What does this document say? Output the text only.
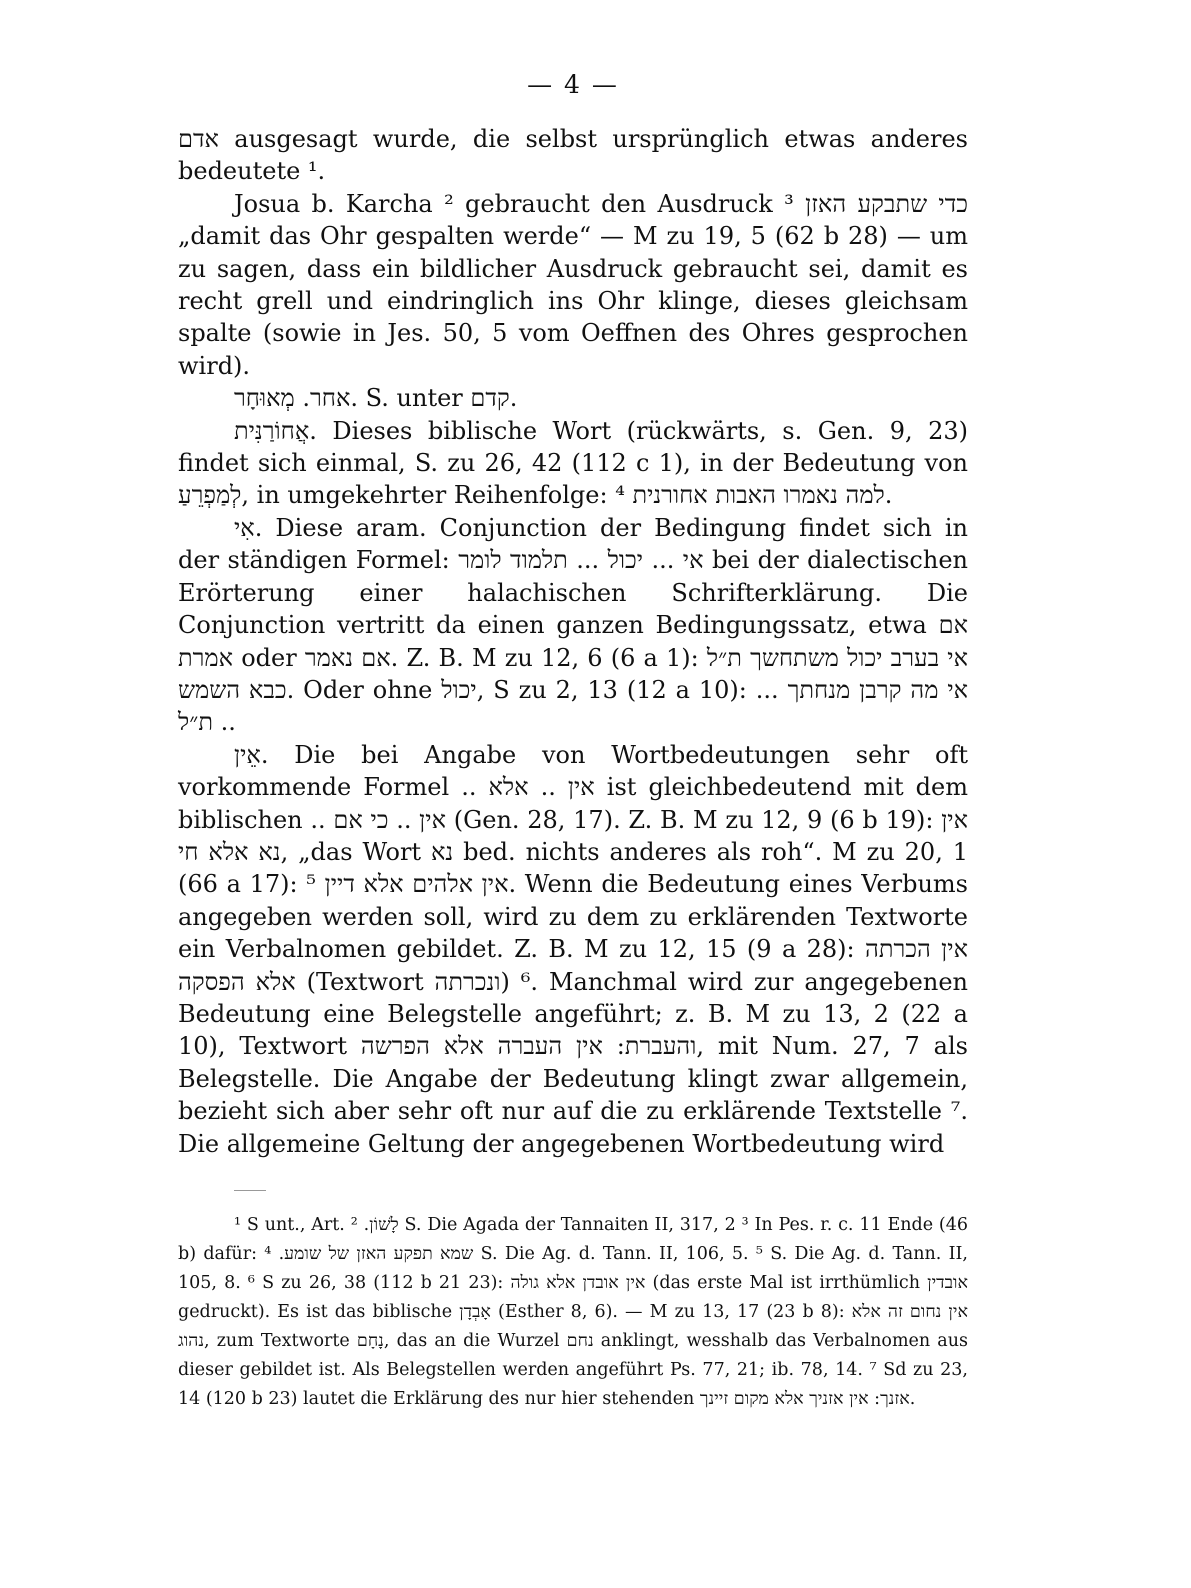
— 4 —

אדם ausgesagt wurde, die selbst ursprünglich etwas anderes bedeutete ¹.

Josua b. Karcha ² gebraucht den Ausdruck ³ כדי שתבקע האזן „damit das Ohr gespalten werde“ — M zu 19, 5 (62 b 28) — um zu sagen, dass ein bildlicher Ausdruck gebraucht sei, damit es recht grell und eindringlich ins Ohr klinge, dieses gleichsam spalte (sowie in Jes. 50, 5 vom Oeffnen des Ohres gesprochen wird).

אחר. מְאוּחָר. S. unter קדם.

אֲחוֹרַנִּית. Dieses biblische Wort (rückwärts, s. Gen. 9, 23) findet sich einmal, S. zu 26, 42 (112 c 1), in der Bedeutung von לְמַפְרֵעַ, in umgekehrter Reihenfolge: ⁴ למה נאמרו האבות אחורנית.

אִי. Diese aram. Conjunction der Bedingung findet sich in der ständigen Formel: אי ... יכול ... תלמוד לומר bei der dialectischen Erörterung einer halachischen Schrifterklärung. Die Conjunction vertritt da einen ganzen Bedingungssatz, etwa אם אמרת oder אם נאמר. Z. B. M zu 12, 6 (6 a 1): אי בערב יכול משתחשך ת״ל כבא השמש. Oder ohne יכול, S zu 2, 13 (12 a 10): אי מה קרבן מנחתך ... ת״ל ..

אֵין. Die bei Angabe von Wortbedeutungen sehr oft vorkommende Formel .. אין .. אלא ist gleichbedeutend mit dem biblischen .. אין .. כי אם (Gen. 28, 17). Z. B. M zu 12, 9 (6 b 19): אין נא אלא חי, „das Wort נא bed. nichts anderes als roh“. M zu 20, 1 (66 a 17): ⁵ אין אלהים אלא דיין. Wenn die Bedeutung eines Verbums angegeben werden soll, wird zu dem zu erklärenden Textworte ein Verbalnomen gebildet. Z. B. M zu 12, 15 (9 a 28): אין הכרתה אלא הפסקה (Textwort ונכרתה) ⁶. Manchmal wird zur angegebenen Bedeutung eine Belegstelle angeführt; z. B. M zu 13, 2 (22 a 10), Textwort והעברת: אין העברה אלא הפרשה, mit Num. 27, 7 als Belegstelle. Die Angabe der Bedeutung klingt zwar allgemein, bezieht sich aber sehr oft nur auf die zu erklärende Textstelle ⁷. Die allgemeine Geltung der angegebenen Wortbedeutung wird

¹ S unt., Art. לָשׁוֹן. ² S. Die Agada der Tannaiten II, 317, 2 ³ In Pes. r. c. 11 Ende (46 b) dafür: שמא תפקע האזן של שומע. ⁴ S. Die Ag. d. Tann. II, 106, 5. ⁵ S. Die Ag. d. Tann. II, 105, 8. ⁶ S zu 26, 38 (112 b 21 23): אין אובדן אלא גולה (das erste Mal ist irrthümlich אובדין gedruckt). Es ist das biblische אָבְדָן (Esther 8, 6). — M zu 13, 17 (23 b 8): אין נחום זה אלא נהוג, zum Textworte נָחָם, das an die Wurzel נחם anklingt, wesshalb das Verbalnomen aus dieser gebildet ist. Als Belegstellen werden angeführt Ps. 77, 21; ib. 78, 14. ⁷ Sd zu 23, 14 (120 b 23) lautet die Erklärung des nur hier stehenden אזנך: אין אזניך אלא מקום זיינך.
